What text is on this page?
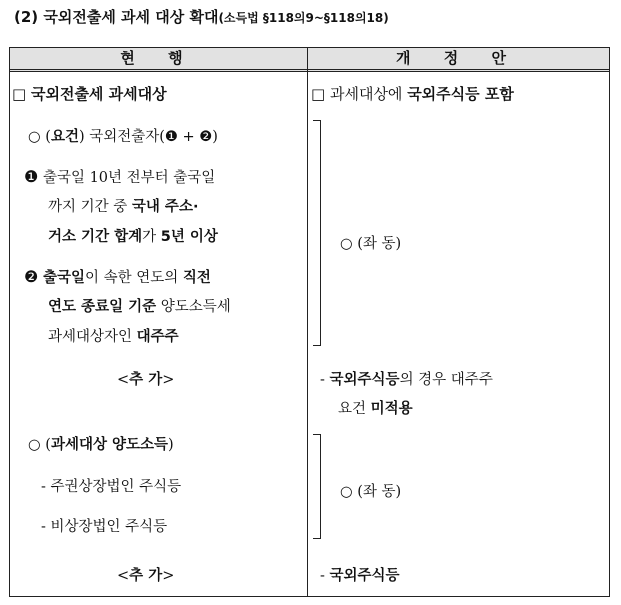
(2) 국외전출세 과세 대상 확대(소득법 §118의9~§118의18)
현 행	개 정 안
□ 국외전출세 과세대상
○ (요건) 국외전출자(❶ + ❷)
❶ 출국일 10년 전부터 출국일
까지 기간 중 국내 주소·
거소 기간 합계가 5년 이상
❷ 출국일이 속한 연도의 직전
연도 종료일 기준 양도소득세
과세대상자인 대주주
<추 가>
○ (과세대상 양도소득)
- 주권상장법인 주식등
- 비상장법인 주식등
<추 가>
□ 과세대상에 국외주식등 포함
○ (좌 동)
- 국외주식등의 경우 대주주
요건 미적용
○ (좌 동)
- 국외주식등
